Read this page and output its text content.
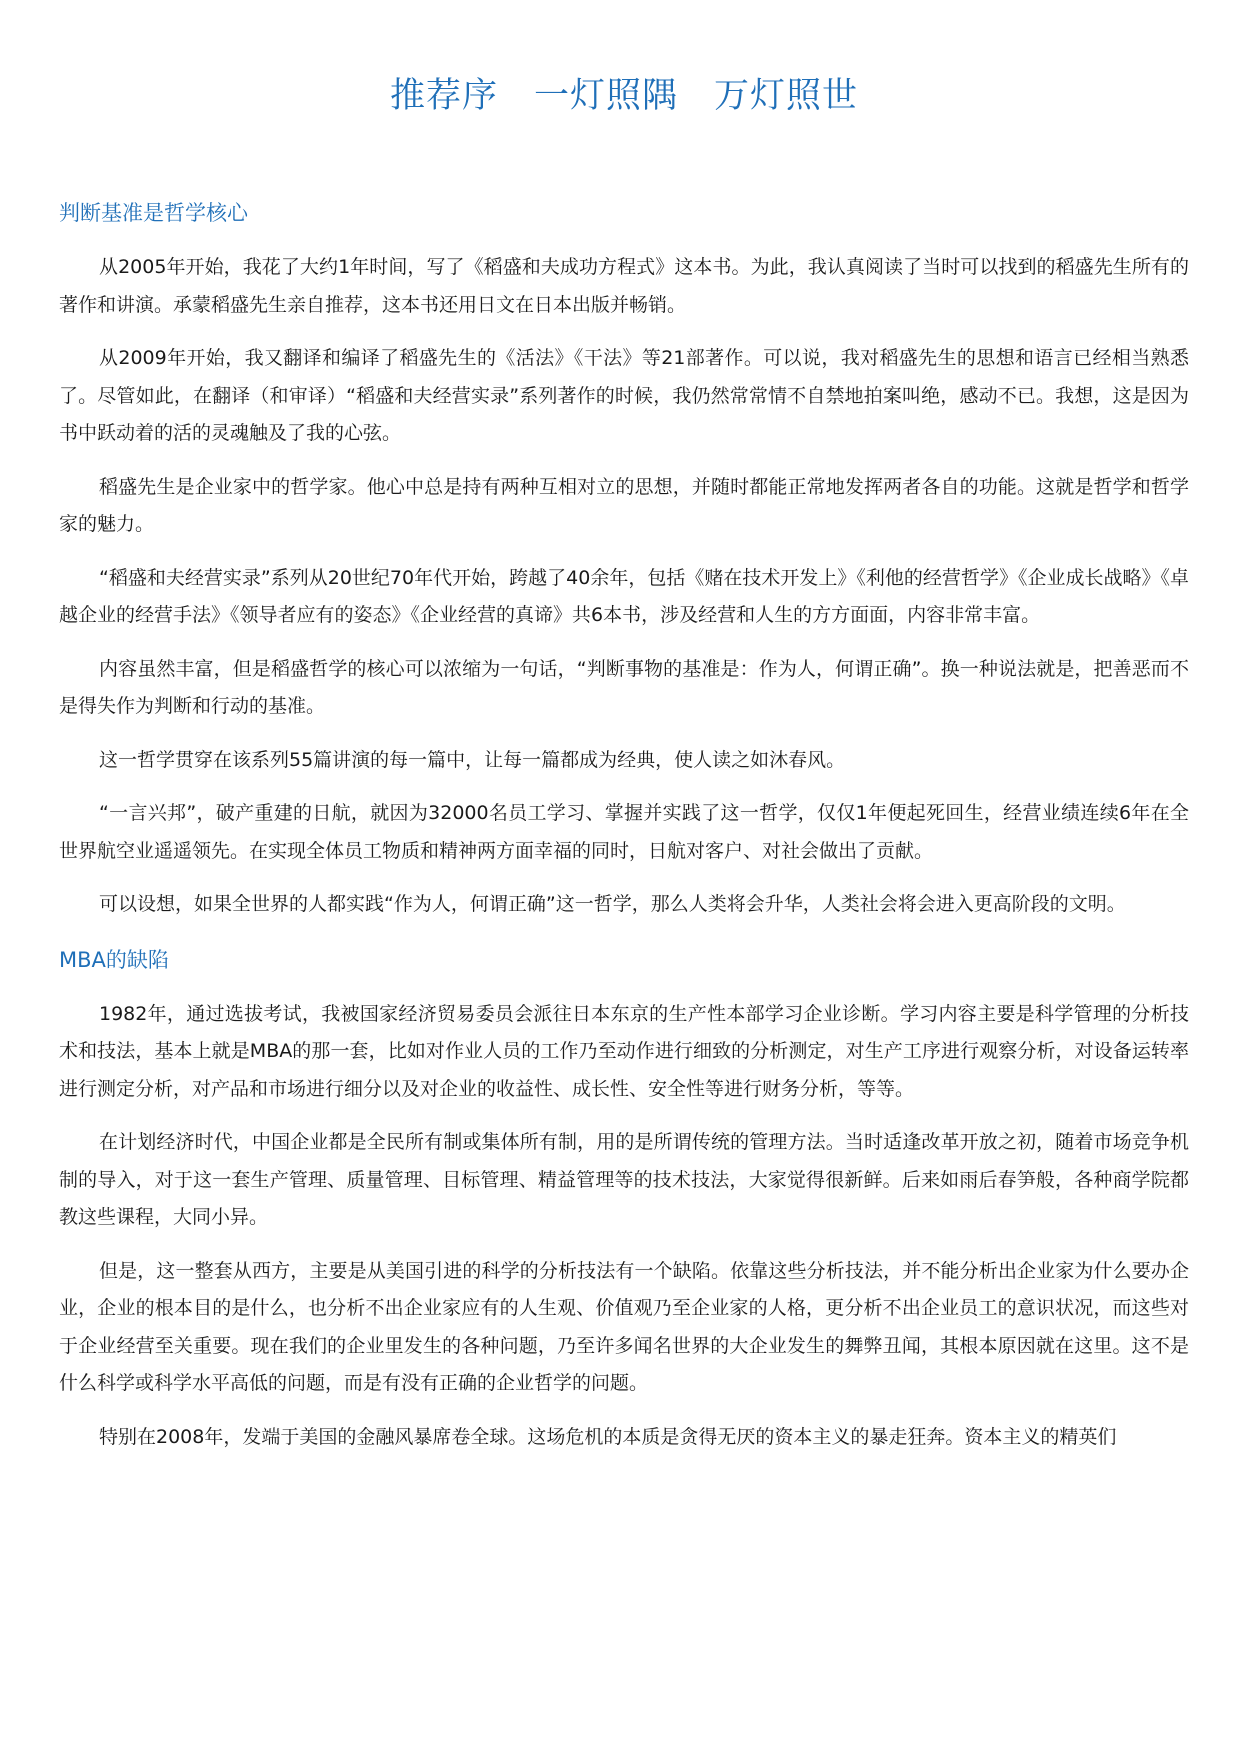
推荐序　一灯照隅　万灯照世
判断基准是哲学核心

从2005年开始，我花了大约1年时间，写了《稻盛和夫成功方程式》这本书。为此，我认真阅读了当时可以找到的稻盛先生所有的著作和讲演。承蒙稻盛先生亲自推荐，这本书还用日文在日本出版并畅销。

从2009年开始，我又翻译和编译了稻盛先生的《活法》《干法》等21部著作。可以说，我对稻盛先生的思想和语言已经相当熟悉了。尽管如此，在翻译（和审译）“稻盛和夫经营实录”系列著作的时候，我仍然常常情不自禁地拍案叫绝，感动不已。我想，这是因为书中跃动着的活的灵魂触及了我的心弦。

稻盛先生是企业家中的哲学家。他心中总是持有两种互相对立的思想，并随时都能正常地发挥两者各自的功能。这就是哲学和哲学家的魅力。

“稻盛和夫经营实录”系列从20世纪70年代开始，跨越了40余年，包括《赌在技术开发上》《利他的经营哲学》《企业成长战略》《卓越企业的经营手法》《领导者应有的姿态》《企业经营的真谛》共6本书，涉及经营和人生的方方面面，内容非常丰富。

内容虽然丰富，但是稻盛哲学的核心可以浓缩为一句话，“判断事物的基准是：作为人，何谓正确”。换一种说法就是，把善恶而不是得失作为判断和行动的基准。

这一哲学贯穿在该系列55篇讲演的每一篇中，让每一篇都成为经典，使人读之如沐春风。

“一言兴邦”，破产重建的日航，就因为32000名员工学习、掌握并实践了这一哲学，仅仅1年便起死回生，经营业绩连续6年在全世界航空业遥遥领先。在实现全体员工物质和精神两方面幸福的同时，日航对客户、对社会做出了贡献。

可以设想，如果全世界的人都实践“作为人，何谓正确”这一哲学，那么人类将会升华，人类社会将会进入更高阶段的文明。

MBA的缺陷

1982年，通过选拔考试，我被国家经济贸易委员会派往日本东京的生产性本部学习企业诊断。学习内容主要是科学管理的分析技术和技法，基本上就是MBA的那一套，比如对作业人员的工作乃至动作进行细致的分析测定，对生产工序进行观察分析，对设备运转率进行测定分析，对产品和市场进行细分以及对企业的收益性、成长性、安全性等进行财务分析，等等。

在计划经济时代，中国企业都是全民所有制或集体所有制，用的是所谓传统的管理方法。当时适逢改革开放之初，随着市场竞争机制的导入，对于这一套生产管理、质量管理、目标管理、精益管理等的技术技法，大家觉得很新鲜。后来如雨后春笋般，各种商学院都教这些课程，大同小异。

但是，这一整套从西方，主要是从美国引进的科学的分析技法有一个缺陷。依靠这些分析技法，并不能分析出企业家为什么要办企业，企业的根本目的是什么，也分析不出企业家应有的人生观、价值观乃至企业家的人格，更分析不出企业员工的意识状况，而这些对于企业经营至关重要。现在我们的企业里发生的各种问题，乃至许多闻名世界的大企业发生的舞弊丑闻，其根本原因就在这里。这不是什么科学或科学水平高低的问题，而是有没有正确的企业哲学的问题。

特别在2008年，发端于美国的金融风暴席卷全球。这场危机的本质是贪得无厌的资本主义的暴走狂奔。资本主义的精英们
